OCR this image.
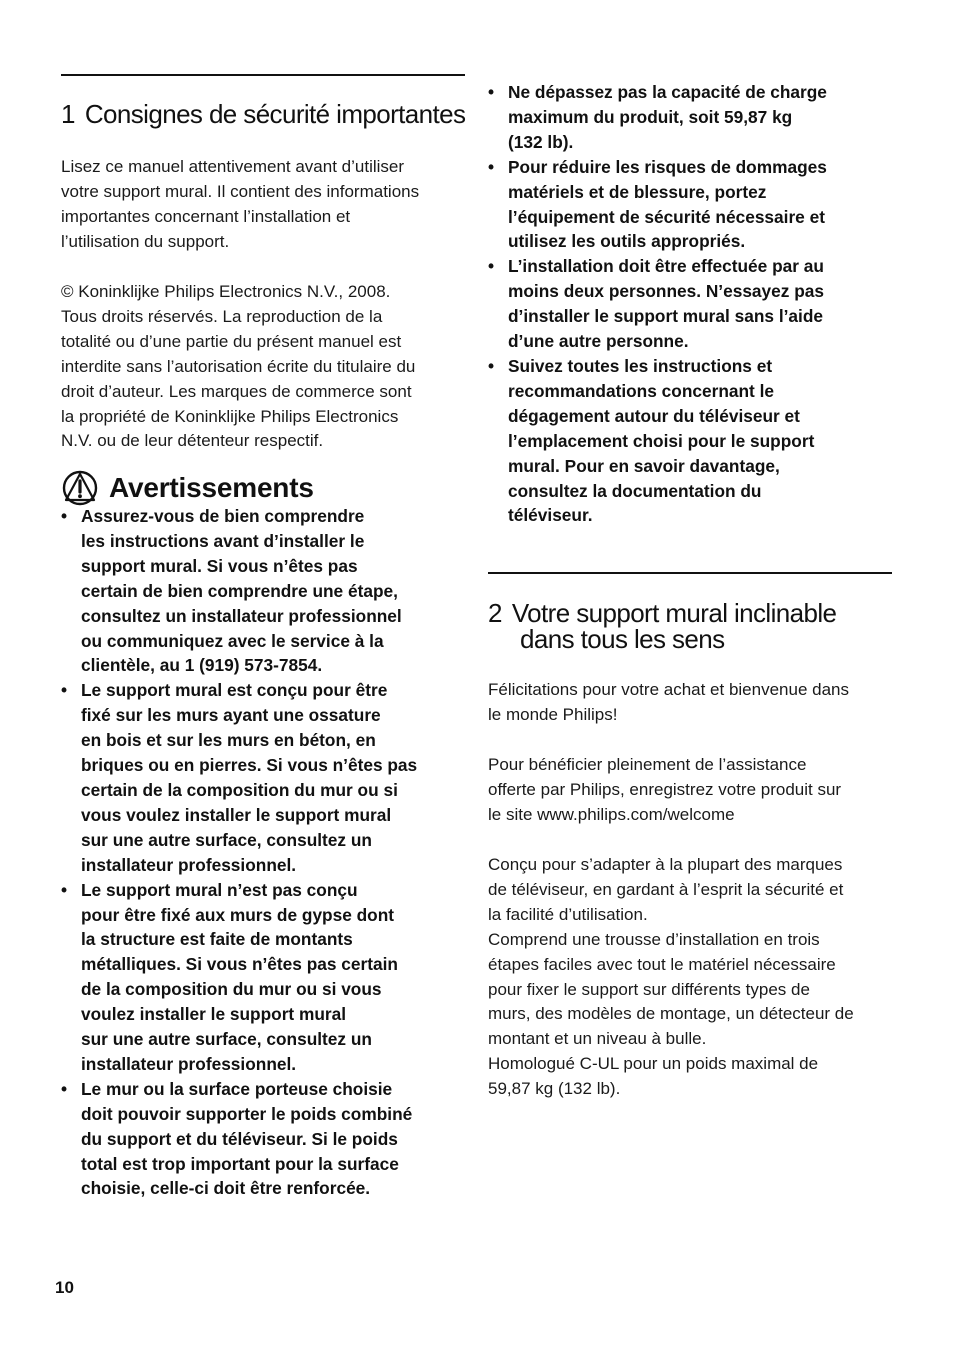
1 Consignes de sécurité importantes

Lisez ce manuel attentivement avant d’utiliser
votre support mural. Il contient des informations
importantes concernant l’installation et
l’utilisation du support.

© Koninklijke Philips Electronics N.V., 2008.
Tous droits réservés. La reproduction de la
totalité ou d’une partie du présent manuel est
interdite sans l’autorisation écrite du titulaire du
droit d’auteur. Les marques de commerce sont
la propriété de Koninklijke Philips Electronics
N.V. ou de leur détenteur respectif.

Avertissements
• Assurez-vous de bien comprendre
les instructions avant d’installer le
support mural. Si vous n’êtes pas
certain de bien comprendre une étape,
consultez un installateur professionnel
ou communiquez avec le service à la
clientèle, au 1 (919) 573-7854.
• Le support mural est conçu pour être
fixé sur les murs ayant une ossature
en bois et sur les murs en béton, en
briques ou en pierres. Si vous n’êtes pas
certain de la composition du mur ou si
vous voulez installer le support mural
sur une autre surface, consultez un
installateur professionnel.
• Le support mural n’est pas conçu
pour être fixé aux murs de gypse dont
la structure est faite de montants
métalliques. Si vous n’êtes pas certain
de la composition du mur ou si vous
voulez installer le support mural
sur une autre surface, consultez un
installateur professionnel.
• Le mur ou la surface porteuse choisie
doit pouvoir supporter le poids combiné
du support et du téléviseur. Si le poids
total est trop important pour la surface
choisie, celle-ci doit être renforcée.
• Ne dépassez pas la capacité de charge
maximum du produit, soit 59,87 kg
(132 lb).
• Pour réduire les risques de dommages
matériels et de blessure, portez
l’équipement de sécurité nécessaire et
utilisez les outils appropriés.
• L’installation doit être effectuée par au
moins deux personnes. N’essayez pas
d’installer le support mural sans l’aide
d’une autre personne.
• Suivez toutes les instructions et
recommandations concernant le
dégagement autour du téléviseur et
l’emplacement choisi pour le support
mural. Pour en savoir davantage,
consultez la documentation du
téléviseur.
2 Votre support mural inclinable
dans tous les sens

Félicitations pour votre achat et bienvenue dans
le monde Philips!

Pour bénéficier pleinement de l’assistance
offerte par Philips, enregistrez votre produit sur
le site www.philips.com/welcome

Conçu pour s’adapter à la plupart des marques
de téléviseur, en gardant à l’esprit la sécurité et
la facilité d’utilisation.
Comprend une trousse d’installation en trois
étapes faciles avec tout le matériel nécessaire
pour fixer le support sur différents types de
murs, des modèles de montage, un détecteur de
montant et un niveau à bulle.
Homologué C-UL pour un poids maximal de
59,87 kg (132 lb).

10
